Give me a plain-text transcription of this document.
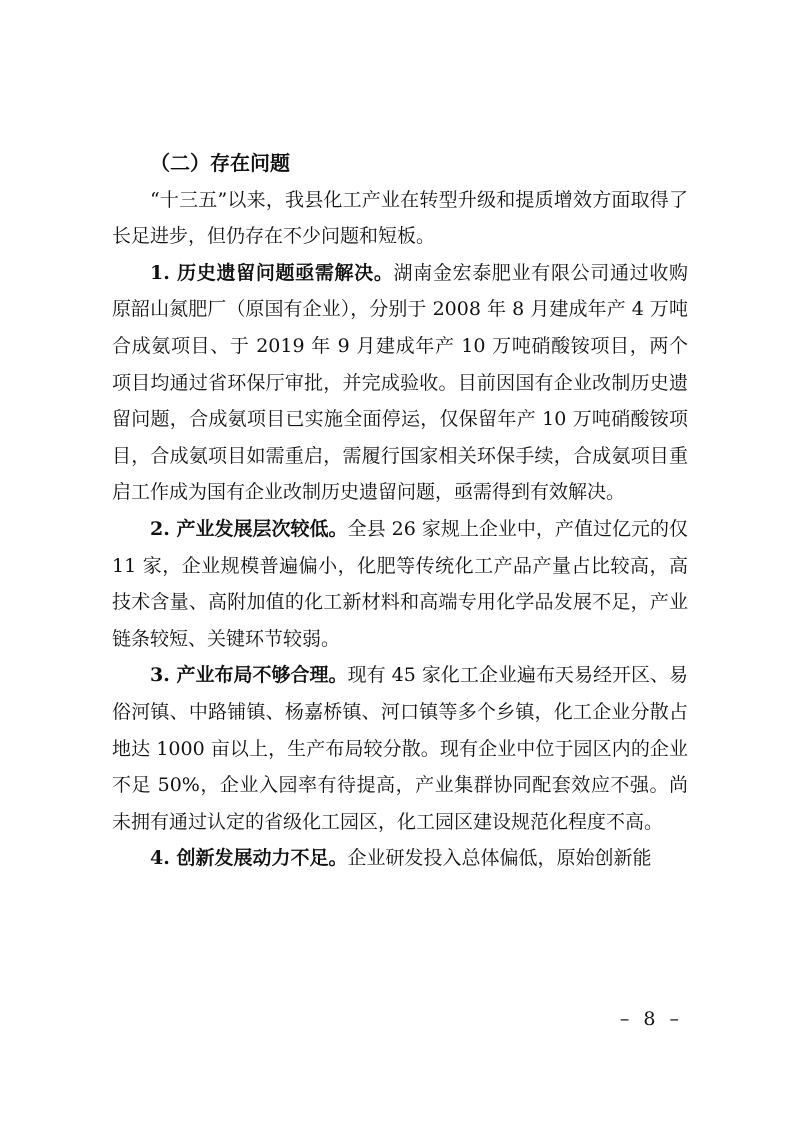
（二）存在问题

“十三五”以来，我县化工产业在转型升级和提质增效方面取得了长足进步，但仍存在不少问题和短板。

1. 历史遗留问题亟需解决。湖南金宏泰肥业有限公司通过收购原韶山氮肥厂（原国有企业），分别于 2008 年 8 月建成年产 4 万吨合成氨项目、于 2019 年 9 月建成年产 10 万吨硝酸铵项目，两个项目均通过省环保厅审批，并完成验收。目前因国有企业改制历史遗留问题，合成氨项目已实施全面停运，仅保留年产 10 万吨硝酸铵项目，合成氨项目如需重启，需履行国家相关环保手续，合成氨项目重启工作成为国有企业改制历史遗留问题，亟需得到有效解决。

2. 产业发展层次较低。全县 26 家规上企业中，产值过亿元的仅 11 家，企业规模普遍偏小，化肥等传统化工产品产量占比较高，高技术含量、高附加值的化工新材料和高端专用化学品发展不足，产业链条较短、关键环节较弱。

3. 产业布局不够合理。现有 45 家化工企业遍布天易经开区、易俗河镇、中路铺镇、杨嘉桥镇、河口镇等多个乡镇，化工企业分散占地达 1000 亩以上，生产布局较分散。现有企业中位于园区内的企业不足 50%，企业入园率有待提高，产业集群协同配套效应不强。尚未拥有通过认定的省级化工园区，化工园区建设规范化程度不高。

4. 创新发展动力不足。企业研发投入总体偏低，原始创新能

– 8 –
